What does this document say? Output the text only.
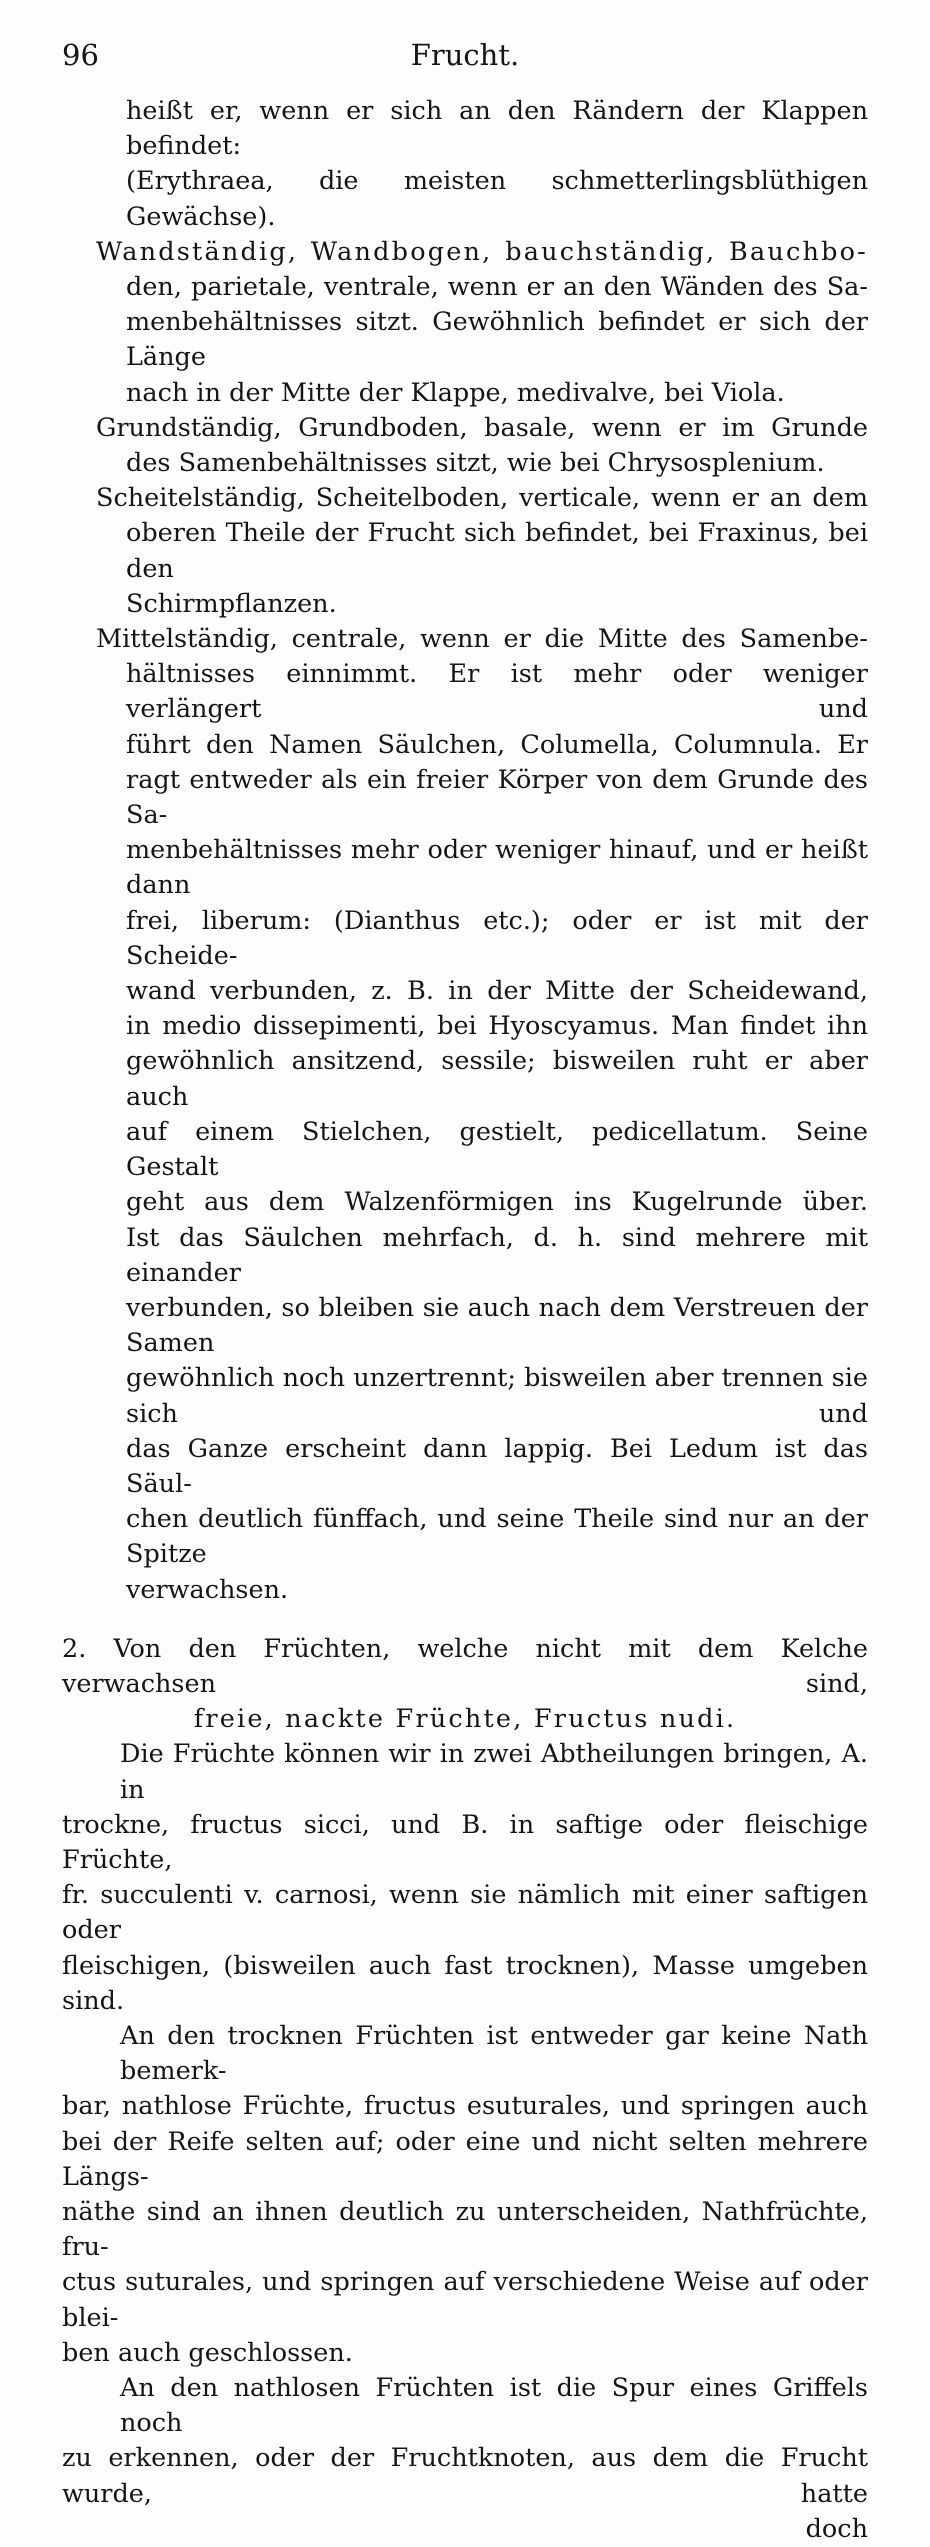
96	Frucht.
heißt er, wenn er sich an den Rändern der Klappen befindet:
(Erythraea, die meisten schmetterlingsblüthigen Gewächse).
Wandständig, Wandbogen, bauchständig, Bauchbo-
den, parietale, ventrale, wenn er an den Wänden des Sa-
menbehältnisses sitzt. Gewöhnlich befindet er sich der Länge
nach in der Mitte der Klappe, medivalve, bei Viola.
Grundständig, Grundboden, basale, wenn er im Grunde
des Samenbehältnisses sitzt, wie bei Chrysosplenium.
Scheitelständig, Scheitelboden, verticale, wenn er an dem
oberen Theile der Frucht sich befindet, bei Fraxinus, bei den
Schirmpflanzen.
Mittelständig, centrale, wenn er die Mitte des Samenbe-
hältnisses einnimmt. Er ist mehr oder weniger verlängert und
führt den Namen Säulchen, Columella, Columnula. Er
ragt entweder als ein freier Körper von dem Grunde des Sa-
menbehältnisses mehr oder weniger hinauf, und er heißt dann
frei, liberum: (Dianthus etc.); oder er ist mit der Scheide-
wand verbunden, z. B. in der Mitte der Scheidewand,
in medio dissepimenti, bei Hyoscyamus. Man findet ihn
gewöhnlich ansitzend, sessile; bisweilen ruht er aber auch
auf einem Stielchen, gestielt, pedicellatum. Seine Gestalt
geht aus dem Walzenförmigen ins Kugelrunde über.
Ist das Säulchen mehrfach, d. h. sind mehrere mit einander
verbunden, so bleiben sie auch nach dem Verstreuen der Samen
gewöhnlich noch unzertrennt; bisweilen aber trennen sie sich und
das Ganze erscheint dann lappig. Bei Ledum ist das Säul-
chen deutlich fünffach, und seine Theile sind nur an der Spitze
verwachsen.
2. Von den Früchten, welche nicht mit dem Kelche verwachsen sind,
freie, nackte Früchte, Fructus nudi.
Die Früchte können wir in zwei Abtheilungen bringen, A. in
trockne, fructus sicci, und B. in saftige oder fleischige Früchte,
fr. succulenti v. carnosi, wenn sie nämlich mit einer saftigen oder
fleischigen, (bisweilen auch fast trocknen), Masse umgeben sind.
An den trocknen Früchten ist entweder gar keine Nath bemerk-
bar, nathlose Früchte, fructus esuturales, und springen auch
bei der Reife selten auf; oder eine und nicht selten mehrere Längs-
näthe sind an ihnen deutlich zu unterscheiden, Nathfrüchte, fru-
ctus suturales, und springen auf verschiedene Weise auf oder blei-
ben auch geschlossen.
An den nathlosen Früchten ist die Spur eines Griffels noch
zu erkennen, oder der Fruchtknoten, aus dem die Frucht wurde, hatte
doch
